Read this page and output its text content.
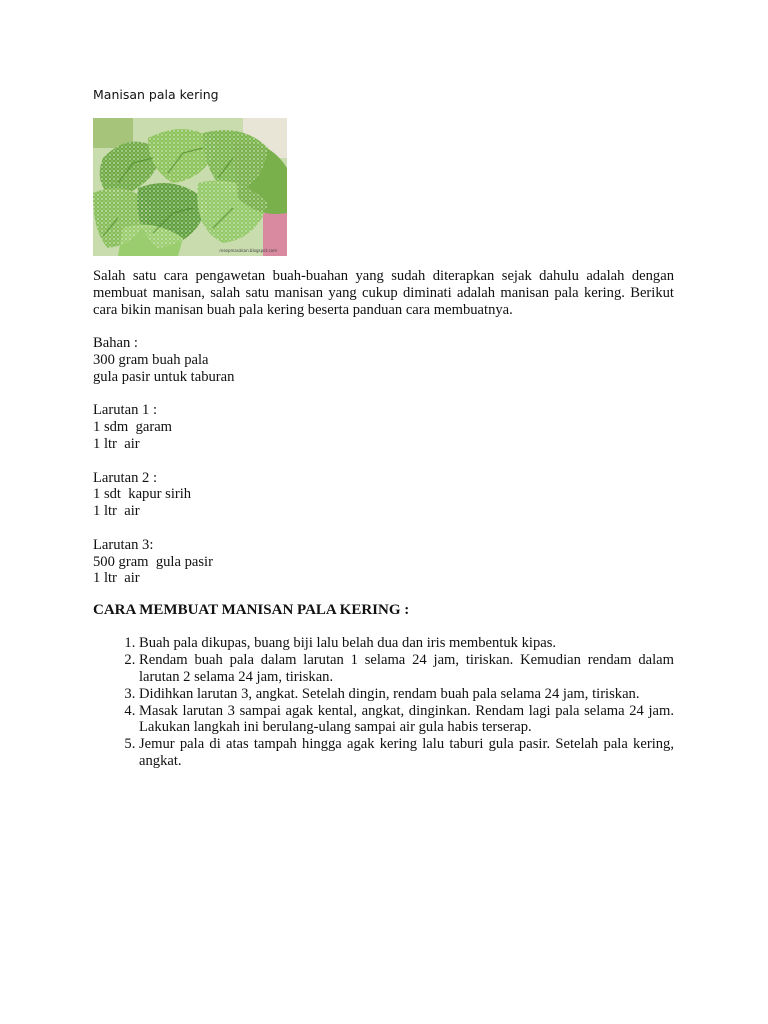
Manisan pala kering
resepmasakan.blogspot.com

Salah satu cara pengawetan buah-buahan yang sudah diterapkan sejak dahulu adalah dengan membuat manisan, salah satu manisan yang cukup diminati adalah manisan pala kering. Berikut cara bikin manisan buah pala kering beserta panduan cara membuatnya.

Bahan :
300 gram buah pala
gula pasir untuk taburan
Larutan 1 :
1 sdm  garam
1 ltr  air
Larutan 2 :
1 sdt  kapur sirih
1 ltr  air
Larutan 3:
500 gram  gula pasir
1 ltr  air
CARA MEMBUAT MANISAN PALA KERING :
1. Buah pala dikupas, buang biji lalu belah dua dan iris membentuk kipas.
2. Rendam buah pala dalam larutan 1 selama 24 jam, tiriskan. Kemudian rendam dalam larutan 2 selama 24 jam, tiriskan.
3. Didihkan larutan 3, angkat. Setelah dingin, rendam buah pala selama 24 jam, tiriskan.
4. Masak larutan 3 sampai agak kental, angkat, dinginkan. Rendam lagi pala selama 24 jam. Lakukan langkah ini berulang-ulang sampai air gula habis terserap.
5. Jemur pala di atas tampah hingga agak kering lalu taburi gula pasir. Setelah pala kering, angkat.
